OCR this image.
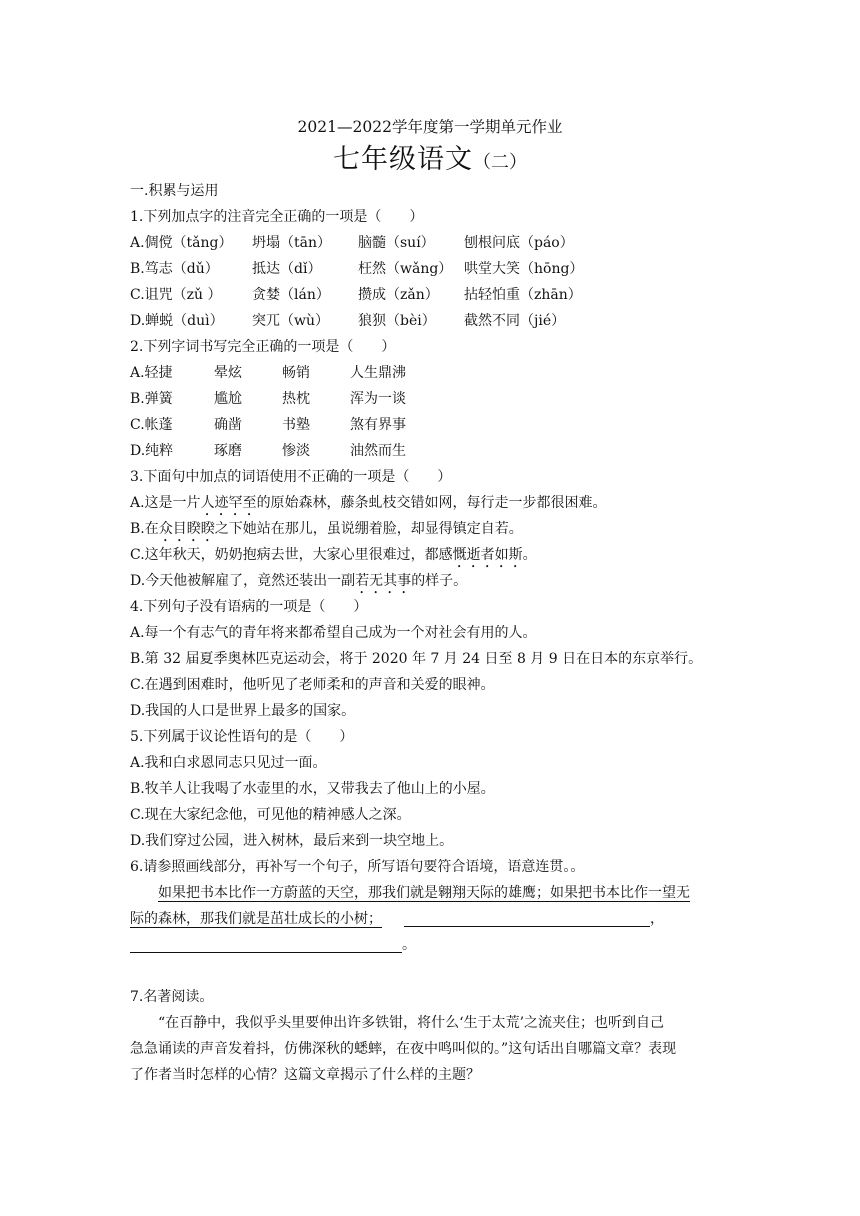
2021—2022学年度第一学期单元作业
七年级语文（二）
一.积累与运用
1.下列加点字的注音完全正确的一项是（　　）
A.倜傥（tǎng） 坍塌（tān） 脑髓（suí） 刨根问底（páo）
B.笃志（dǔ） 抵达（dǐ）	枉然（wǎng） 哄堂大笑（hōng）
C.诅咒（zǔ ） 贪婪（lán） 攒成（zǎn） 拈轻怕重（zhān）
D.蝉蜕（duì） 突兀（wù） 狼狈（bèi） 截然不同（jié）
2.下列字词书写完全正确的一项是（　　）
A.轻捷	晕炫	畅销	人生鼎沸
B.弹簧	尴尬	热枕	浑为一谈
C.帐蓬	确凿	书塾	煞有界事
D.纯粹	琢磨	惨淡	油然而生
3.下面句中加点的词语使用不正确的一项是（　　）
A.这是一片人迹罕至的原始森林，藤条虬枝交错如网，每行走一步都很困难。
B.在众目睽睽之下她站在那儿，虽说绷着脸，却显得镇定自若。
C.这年秋天，奶奶抱病去世，大家心里很难过，都感慨逝者如斯。
D.今天他被解雇了，竟然还装出一副若无其事的样子。
4.下列句子没有语病的一项是（　　）
A.每一个有志气的青年将来都希望自己成为一个对社会有用的人。
B.第 32 届夏季奥林匹克运动会，将于 2020 年 7 月 24 日至 8 月 9 日在日本的东京举行。
C.在遇到困难时，他听见了老师柔和的声音和关爱的眼神。
D.我国的人口是世界上最多的国家。
5.下列属于议论性语句的是（　　）
A.我和白求恩同志只见过一面。
B.牧羊人让我喝了水壶里的水，又带我去了他山上的小屋。
C.现在大家纪念他，可见他的精神感人之深。
D.我们穿过公园，进入树林，最后来到一块空地上。
6.请参照画线部分，再补写一个句子，所写语句要符合语境，语意连贯。。
如果把书本比作一方蔚蓝的天空，那我们就是翱翔天际的雄鹰；如果把书本比作一望无
际的森林，那我们就是茁壮成长的小树；	，
。
7.名著阅读。
“在百静中，我似乎头里要伸出许多铁钳，将什么‘生于太荒’之流夹住；也听到自己
急急诵读的声音发着抖，仿佛深秋的蟋蟀，在夜中鸣叫似的。”这句话出自哪篇文章？表现
了作者当时怎样的心情？这篇文章揭示了什么样的主题？
